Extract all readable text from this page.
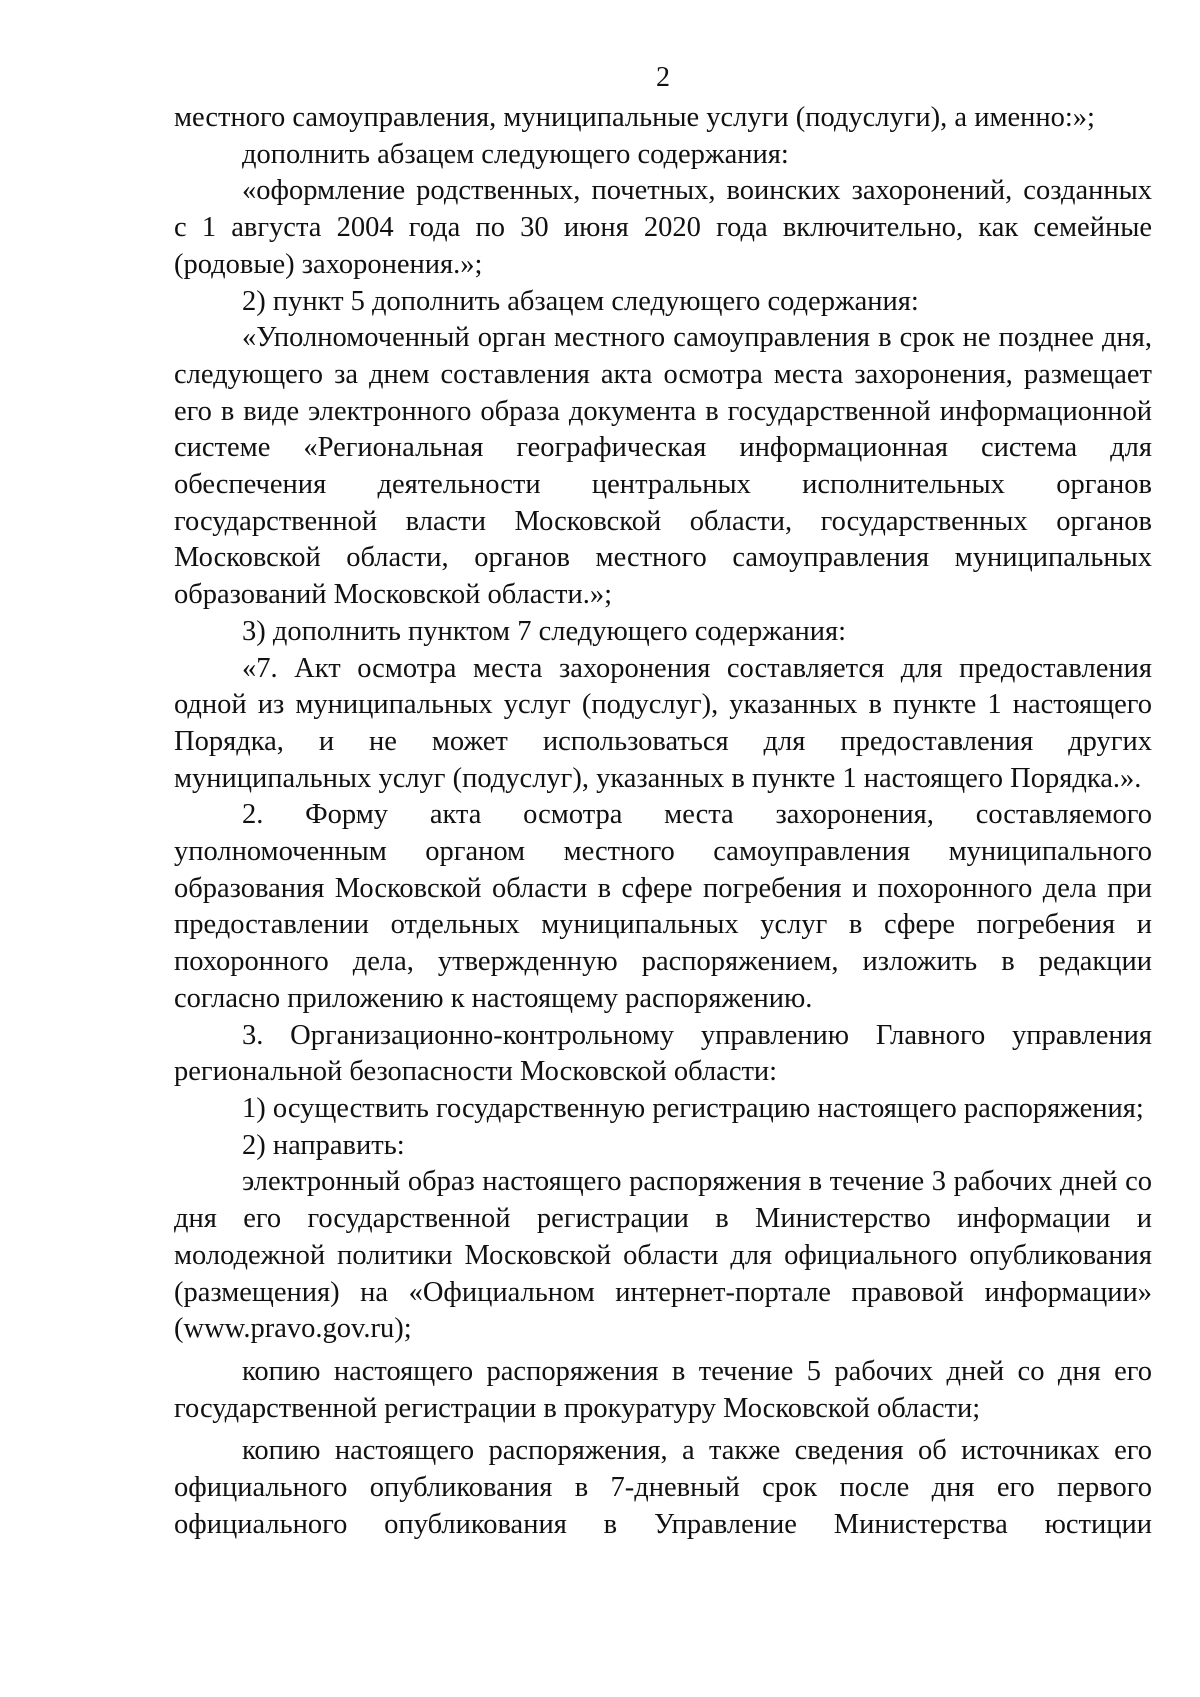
2

местного самоуправления, муниципальные услуги (подуслуги), а именно:»;

дополнить абзацем следующего содержания:

«оформление родственных, почетных, воинских захоронений, созданных с 1 августа 2004 года по 30 июня 2020 года включительно, как семейные (родовые) захоронения.»;

2) пункт 5 дополнить абзацем следующего содержания:

«Уполномоченный орган местного самоуправления в срок не позднее дня, следующего за днем составления акта осмотра места захоронения, размещает его в виде электронного образа документа в государственной информационной системе «Региональная географическая информационная система для обеспечения деятельности центральных исполнительных органов государственной власти Московской области, государственных органов Московской области, органов местного самоуправления муниципальных образований Московской области.»;

3) дополнить пунктом 7 следующего содержания:

«7. Акт осмотра места захоронения составляется для предоставления одной из муниципальных услуг (подуслуг), указанных в пункте 1 настоящего Порядка, и не может использоваться для предоставления других муниципальных услуг (подуслуг), указанных в пункте 1 настоящего Порядка.».

2. Форму акта осмотра места захоронения, составляемого уполномоченным органом местного самоуправления муниципального образования Московской области в сфере погребения и похоронного дела при предоставлении отдельных муниципальных услуг в сфере погребения и похоронного дела, утвержденную распоряжением, изложить в редакции согласно приложению к настоящему распоряжению.

3. Организационно-контрольному управлению Главного управления региональной безопасности Московской области:

1) осуществить государственную регистрацию настоящего распоряжения;

2) направить:

электронный образ настоящего распоряжения в течение 3 рабочих дней со дня его государственной регистрации в Министерство информации и молодежной политики Московской области для официального опубликования (размещения) на «Официальном интернет-портале правовой информации» (www.pravo.gov.ru);

копию настоящего распоряжения в течение 5 рабочих дней со дня его государственной регистрации в прокуратуру Московской области;

копию настоящего распоряжения, а также сведения об источниках его официального опубликования в 7-дневный срок после дня его первого официального опубликования в Управление Министерства юстиции
